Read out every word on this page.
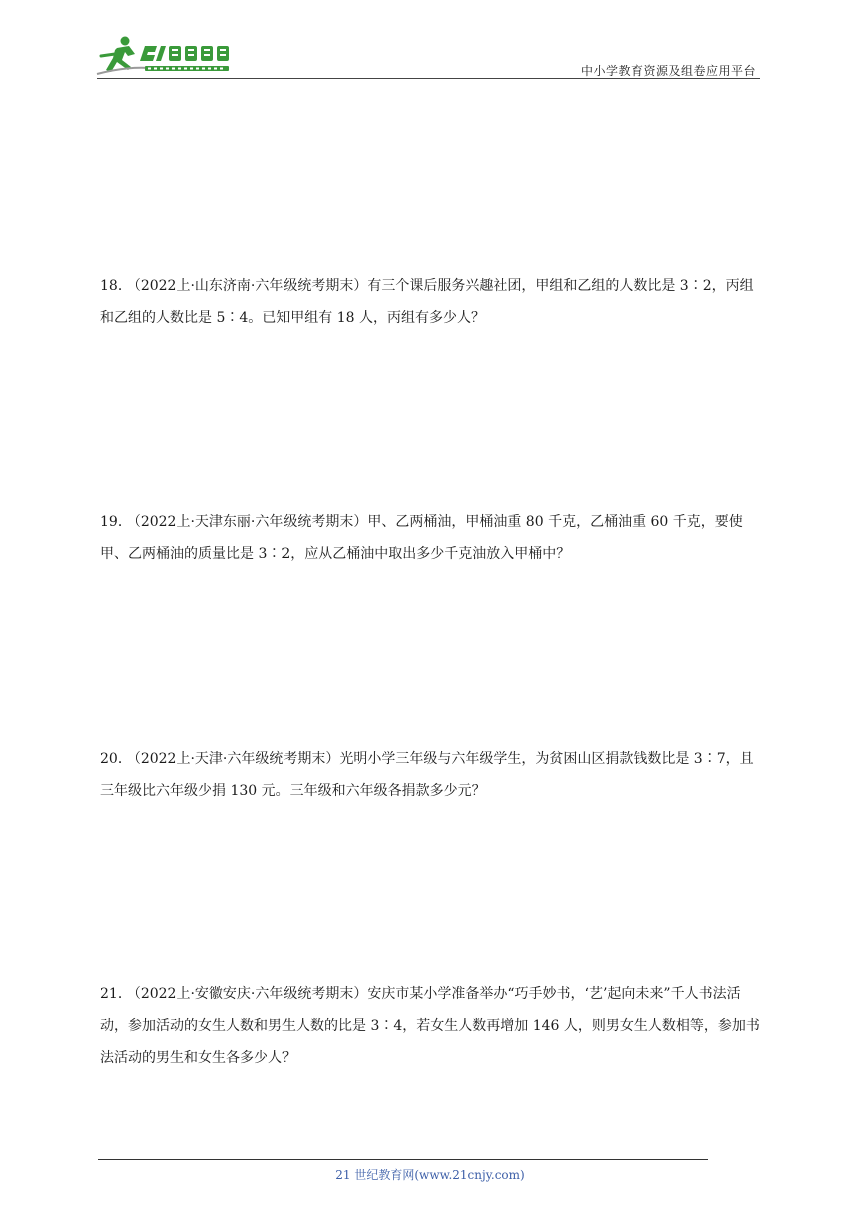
中小学教育资源及组卷应用平台
18． （2022上·山东济南·六年级统考期末）有三个课后服务兴趣社团，甲组和乙组的人数比是 3∶2，丙组和乙组的人数比是 5∶4。已知甲组有 18 人，丙组有多少人？
19． （2022上·天津东丽·六年级统考期末）甲、乙两桶油，甲桶油重 80 千克，乙桶油重 60 千克，要使甲、乙两桶油的质量比是 3∶2，应从乙桶油中取出多少千克油放入甲桶中？
20． （2022上·天津·六年级统考期末）光明小学三年级与六年级学生，为贫困山区捐款钱数比是 3∶7，且三年级比六年级少捐 130 元。三年级和六年级各捐款多少元？
21． （2022上·安徽安庆·六年级统考期末）安庆市某小学准备举办“巧手妙书，‘艺’起向未来”千人书法活动，参加活动的女生人数和男生人数的比是 3∶4，若女生人数再增加 146 人，则男女生人数相等，参加书法活动的男生和女生各多少人？
21 世纪教育网(www.21cnjy.com)
